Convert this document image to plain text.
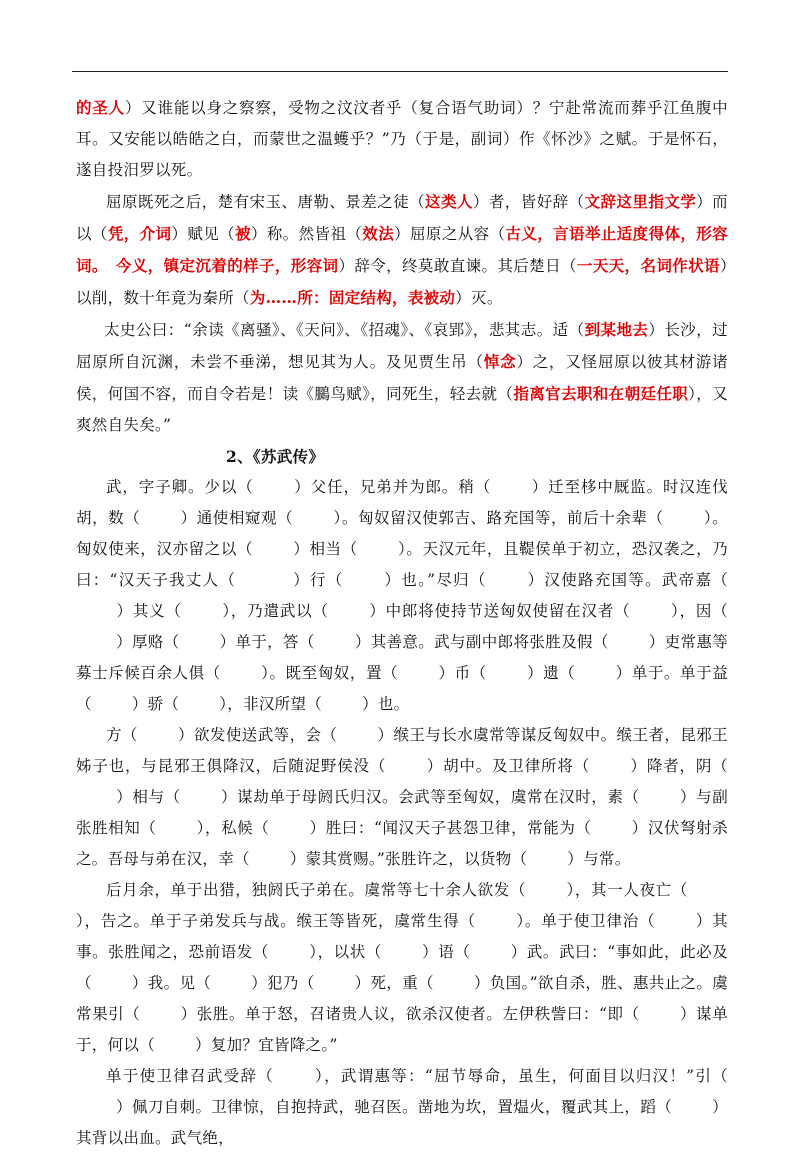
的圣人）又谁能以身之察察，受物之汶汶者乎（复合语气助词）？宁赴常流而葬乎江鱼腹中耳。又安能以皓皓之白，而蒙世之温蠖乎？”乃（于是，副词）作《怀沙》之赋。于是怀石，遂自投汨罗以死。

屈原既死之后，楚有宋玉、唐勒、景差之徒（这类人）者，皆好辞（文辞这里指文学）而以（凭，介词）赋见（被）称。然皆祖（效法）屈原之从容（古义，言语举止适度得体，形容词。　今义，镇定沉着的样子，形容词）辞令，终莫敢直谏。其后楚日（一天天，名词作状语）以削，数十年竟为秦所（为……所：固定结构，表被动）灭。

太史公曰：“余读《离骚》、《天问》、《招魂》、《哀郢》，悲其志。适（到某地去）长沙，过屈原所自沉渊，未尝不垂涕，想见其为人。及见贾生吊（悼念）之，又怪屈原以彼其材游诸侯，何国不容，而自令若是！读《鵩鸟赋》，同死生，轻去就（指离官去职和在朝廷任职），又爽然自失矣。”

2、《苏武传》

武，字子卿。少以（	）父任，兄弟并为郎。稍（	）迁至栘中厩监。时汉连伐胡，数（	）通使相窥观（	）。匈奴留汉使郭吉、路充国等，前后十余辈（	）。匈奴使来，汉亦留之以（	）相当（	）。天汉元年，且鞮侯单于初立，恐汉袭之，乃曰：“汉天子我丈人（	）行（	）也。”尽归（	）汉使路充国等。武帝嘉（）其义（	），乃遣武以（	）中郎将使持节送匈奴使留在汉者（	），因（）厚赂（	）单于，答（	）其善意。武与副中郎将张胜及假（	）吏常惠等募士斥候百余人俱（	）。既至匈奴，置（	）币（	）遗（	）单于。单于益（	）骄（	），非汉所望（	）也。

方（	）欲发使送武等，会（	）缑王与长水虞常等谋反匈奴中。缑王者，昆邪王姊子也，与昆邪王俱降汉，后随浞野侯没（	）胡中。及卫律所将（	）降者，阴（）相与（	）谋劫单于母阏氏归汉。会武等至匈奴，虞常在汉时，素（	）与副张胜相知（	），私候（	）胜曰：“闻汉天子甚怨卫律，常能为（	）汉伏弩射杀之。吾母与弟在汉，幸（	）蒙其赏赐。”张胜许之，以货物（	）与常。

后月余，单于出猎，独阏氏子弟在。虞常等七十余人欲发（	），其一人夜亡（），告之。单于子弟发兵与战。缑王等皆死，虞常生得（	）。单于使卫律治（	）其事。张胜闻之，恐前语发（	），以状（	）语（	）武。武曰：“事如此，此必及（	）我。见（	）犯乃（	）死，重（	）负国。”欲自杀，胜、惠共止之。虞常果引（	）张胜。单于怒，召诸贵人议，欲杀汉使者。左伊秩訾曰：“即（	）谋单于，何以（	）复加？宜皆降之。”

单于使卫律召武受辞（	），武谓惠等：“屈节辱命，虽生，何面目以归汉！”引（）佩刀自刺。卫律惊，自抱持武，驰召医。凿地为坎，置煴火，覆武其上，蹈（	）其背以出血。武气绝，
